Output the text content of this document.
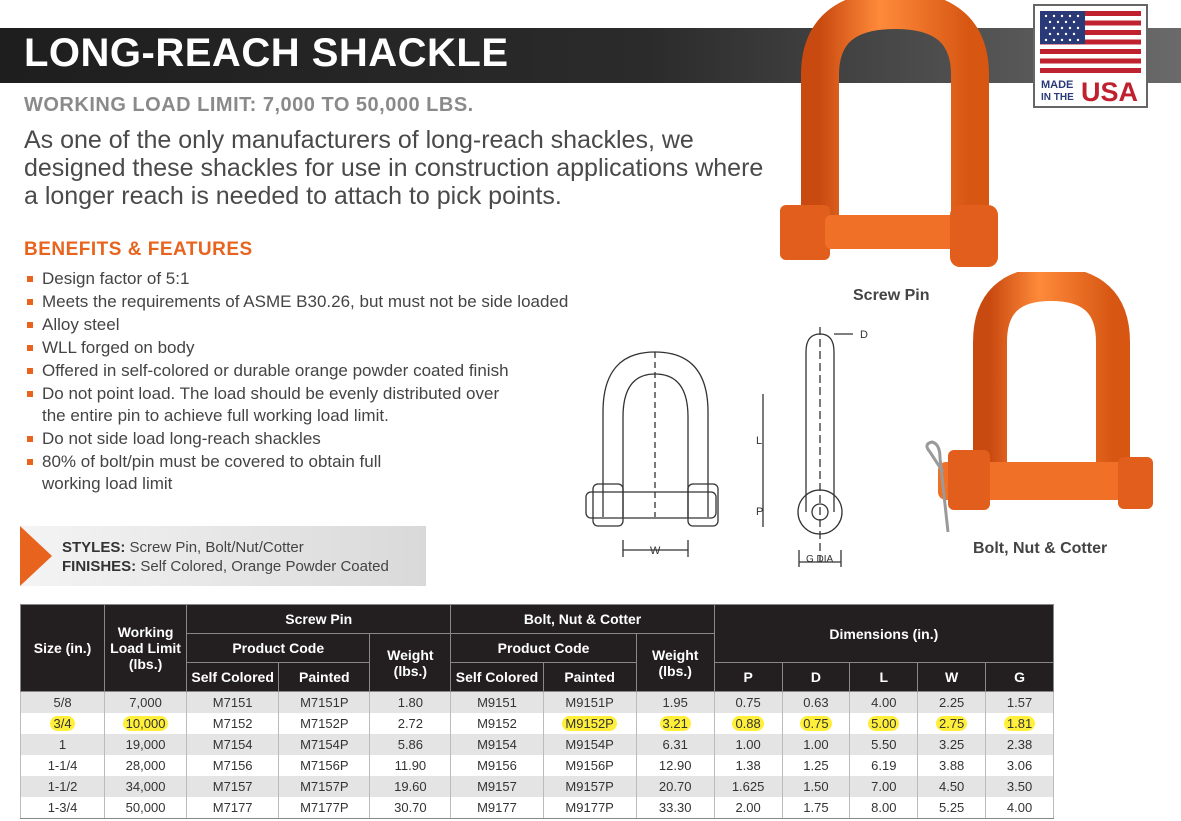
LONG-REACH SHACKLE
WORKING LOAD LIMIT: 7,000 TO 50,000 LBS.
As one of the only manufacturers of long-reach shackles, we designed these shackles for use in construction applications where a longer reach is needed to attach to pick points.
BENEFITS & FEATURES
Design factor of 5:1
Meets the requirements of ASME B30.26, but must not be side loaded
Alloy steel
WLL forged on body
Offered in self-colored or durable orange powder coated finish
Do not point load. The load should be evenly distributed over the entire pin to achieve full working load limit.
Do not side load long-reach shackles
80% of bolt/pin must be covered to obtain full working load limit
STYLES: Screw Pin, Bolt/Nut/Cotter
FINISHES: Self Colored, Orange Powder Coated
MADE
IN THE USA
Screw Pin
Bolt, Nut & Cotter
D
L
P
W
G DIA
Size (in.)	Working Load Limit (lbs.)	Screw Pin			Bolt, Nut & Cotter			Dimensions (in.)				
		Product Code		Weight (lbs.)	Product Code		Weight (lbs.)					
		Self Colored	Painted		Self Colored	Painted		P	D	L	W	G
5/8	7,000	M7151	M7151P	1.80	M9151	M9151P	1.95	0.75	0.63	4.00	2.25	1.57
3/4	10,000	M7152	M7152P	2.72	M9152	M9152P	3.21	0.88	0.75	5.00	2.75	1.81
1	19,000	M7154	M7154P	5.86	M9154	M9154P	6.31	1.00	1.00	5.50	3.25	2.38
1-1/4	28,000	M7156	M7156P	11.90	M9156	M9156P	12.90	1.38	1.25	6.19	3.88	3.06
1-1/2	34,000	M7157	M7157P	19.60	M9157	M9157P	20.70	1.625	1.50	7.00	4.50	3.50
1-3/4	50,000	M7177	M7177P	30.70	M9177	M9177P	33.30	2.00	1.75	8.00	5.25	4.00
